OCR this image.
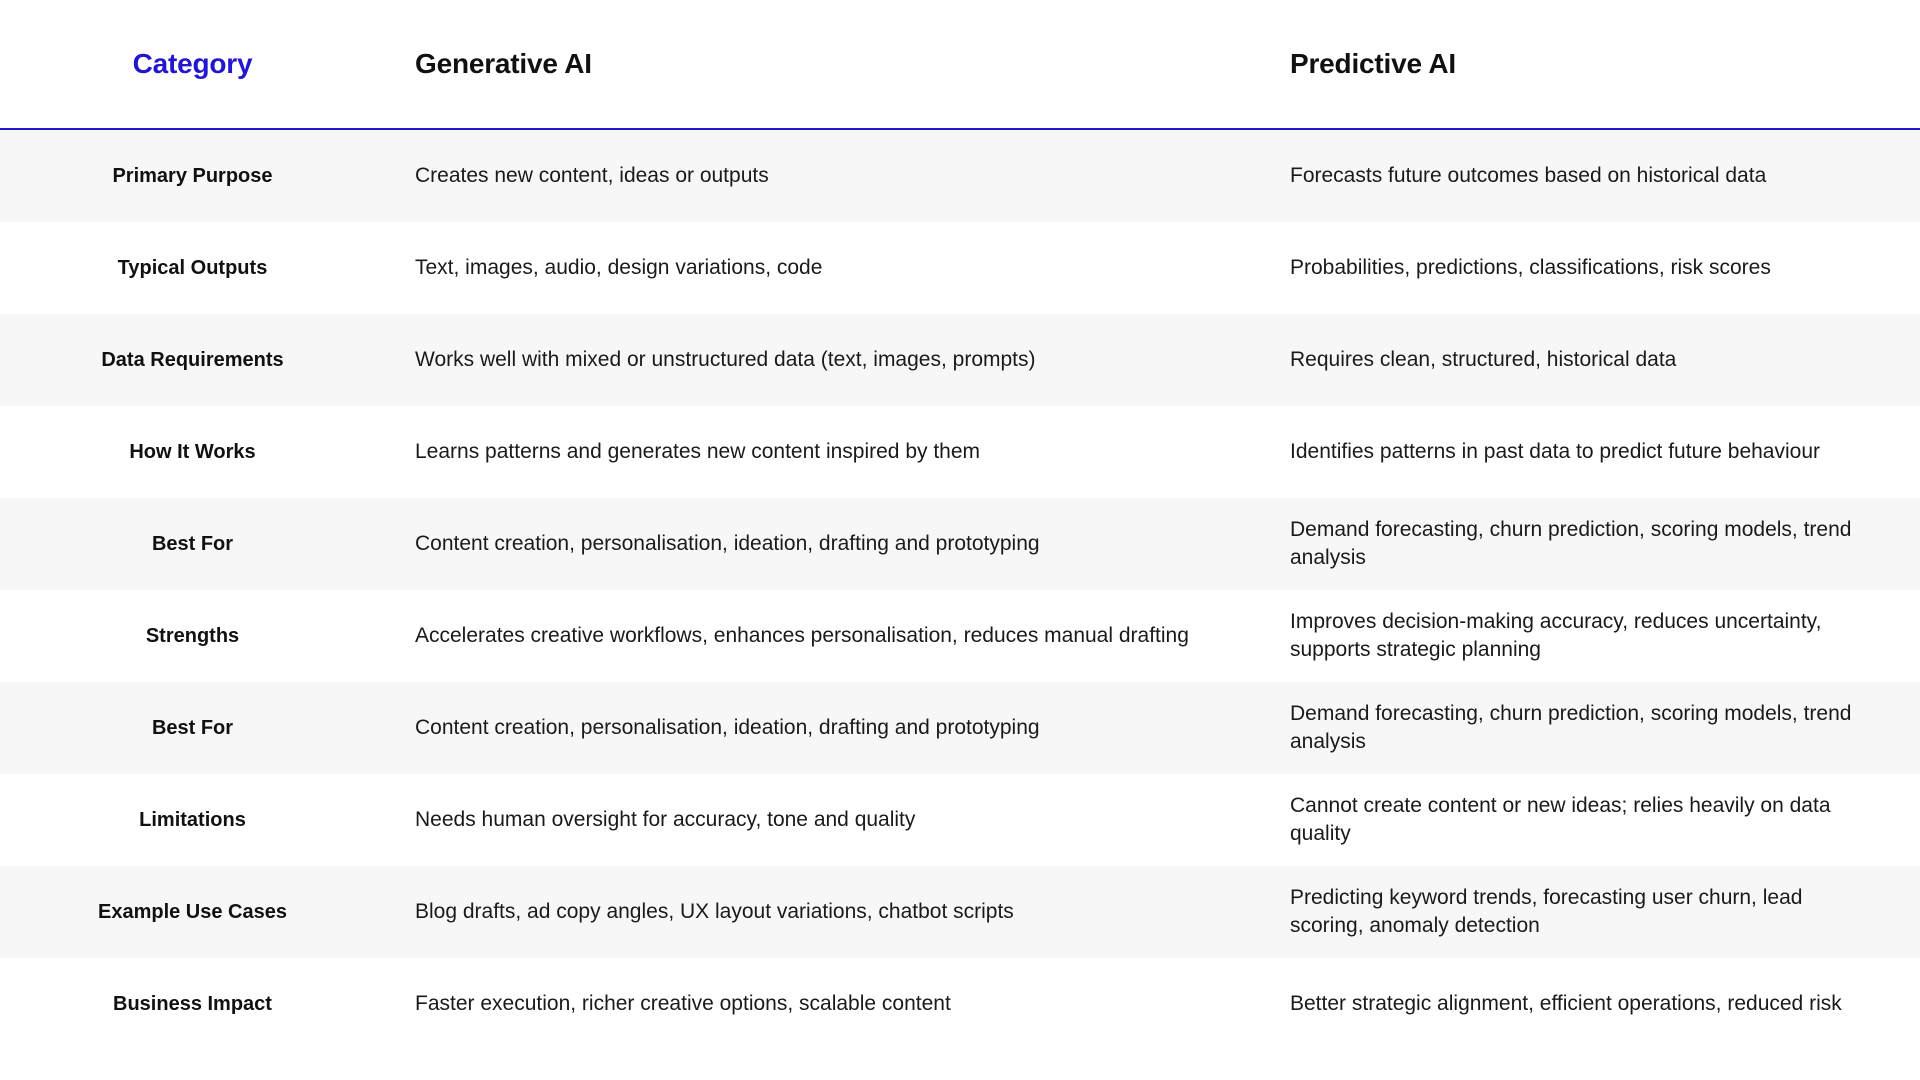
Category	Generative AI	Predictive AI
Primary Purpose	Creates new content, ideas or outputs	Forecasts future outcomes based on historical data
Typical Outputs	Text, images, audio, design variations, code	Probabilities, predictions, classifications, risk scores
Data Requirements	Works well with mixed or unstructured data (text, images, prompts)	Requires clean, structured, historical data
How It Works	Learns patterns and generates new content inspired by them	Identifies patterns in past data to predict future behaviour
Best For	Content creation, personalisation, ideation, drafting and prototyping	Demand forecasting, churn prediction, scoring models, trend analysis
Strengths	Accelerates creative workflows, enhances personalisation, reduces manual drafting	Improves decision-making accuracy, reduces uncertainty, supports strategic planning
Best For	Content creation, personalisation, ideation, drafting and prototyping	Demand forecasting, churn prediction, scoring models, trend analysis
Limitations	Needs human oversight for accuracy, tone and quality	Cannot create content or new ideas; relies heavily on data quality
Example Use Cases	Blog drafts, ad copy angles, UX layout variations, chatbot scripts	Predicting keyword trends, forecasting user churn, lead scoring, anomaly detection
Business Impact	Faster execution, richer creative options, scalable content	Better strategic alignment, efficient operations, reduced risk
